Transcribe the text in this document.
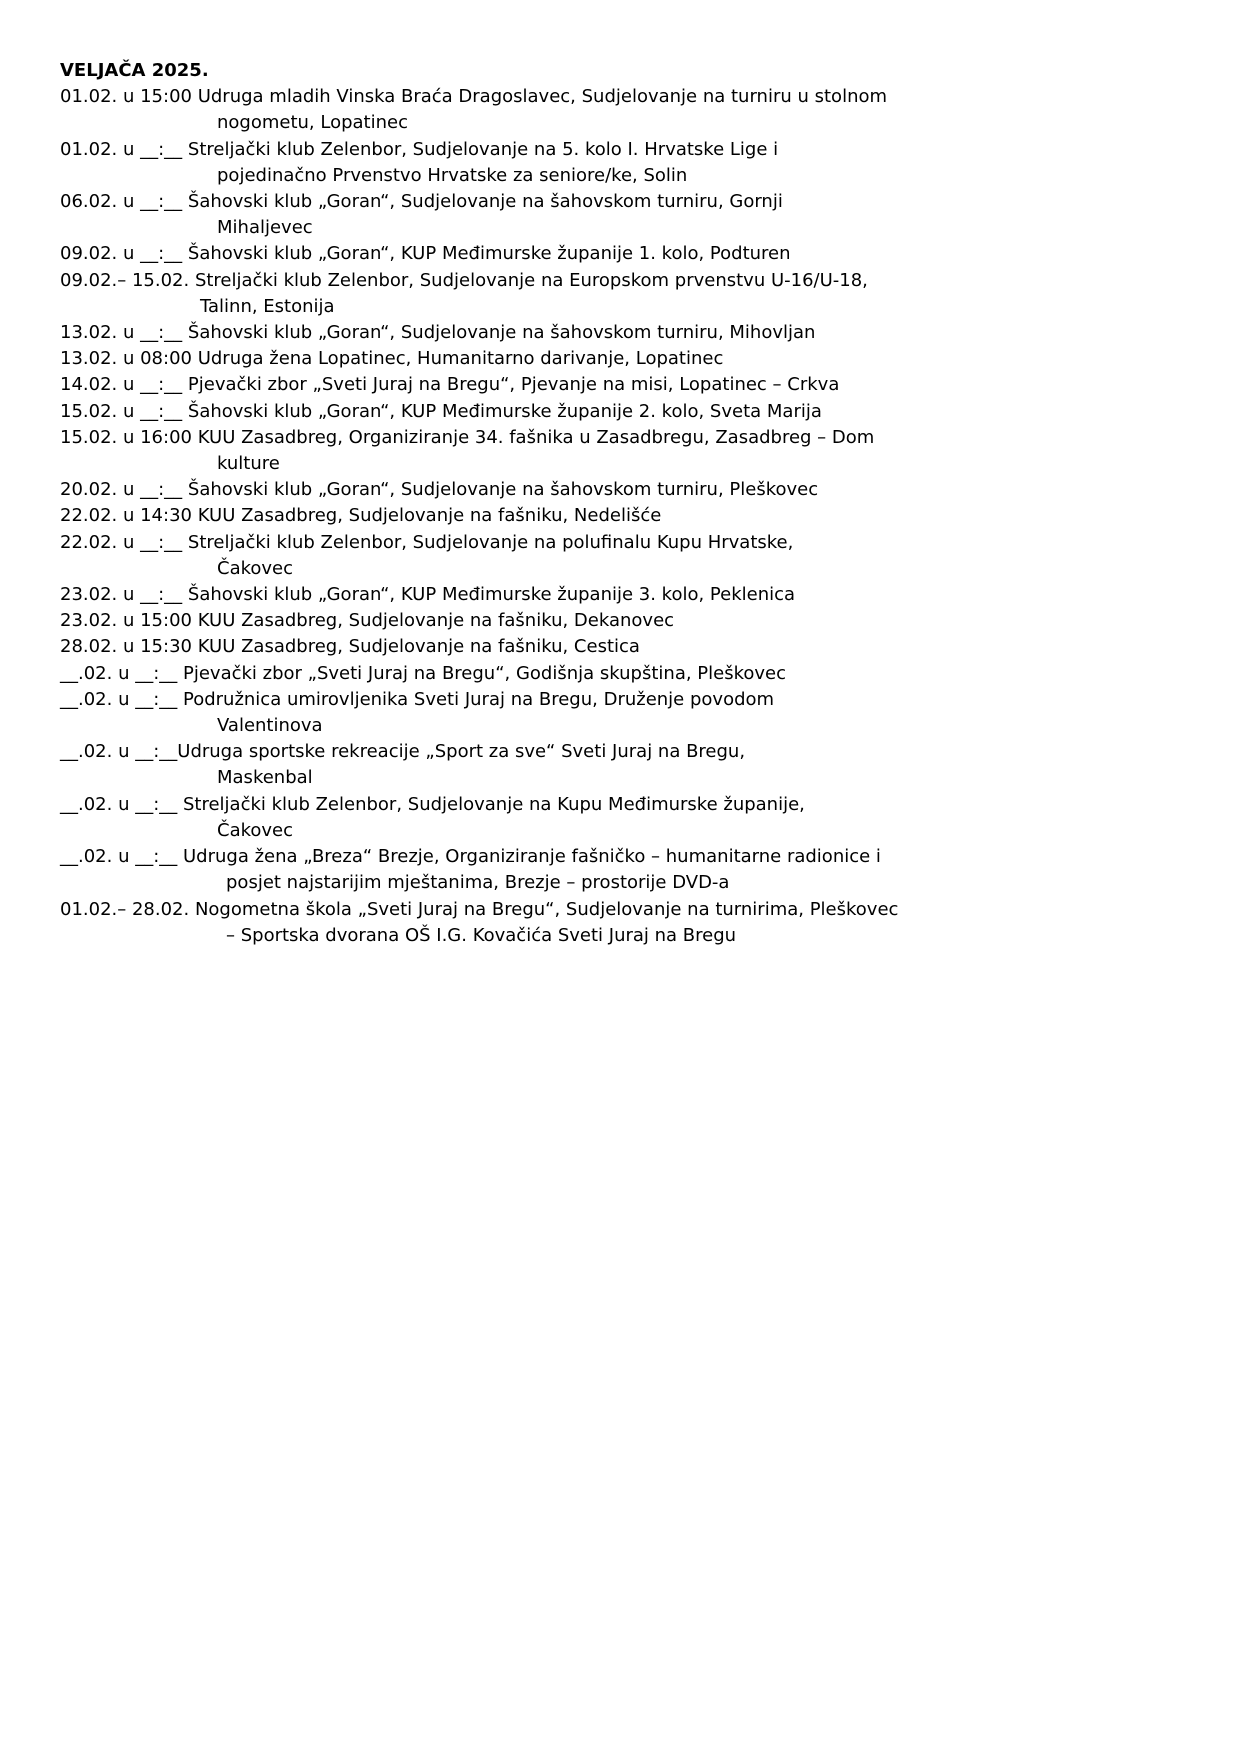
VELJAČA 2025.
01.02. u 15:00 Udruga mladih Vinska Braća Dragoslavec, Sudjelovanje na turniru u stolnom
nogometu, Lopatinec
01.02. u __:__ Streljački klub Zelenbor, Sudjelovanje na 5. kolo I. Hrvatske Lige i
pojedinačno Prvenstvo Hrvatske za seniore/ke, Solin
06.02. u __:__ Šahovski klub „Goran“, Sudjelovanje na šahovskom turniru, Gornji
Mihaljevec
09.02. u __:__ Šahovski klub „Goran“, KUP Međimurske županije 1. kolo, Podturen
09.02.– 15.02. Streljački klub Zelenbor, Sudjelovanje na Europskom prvenstvu U-16/U-18,
Talinn, Estonija
13.02. u __:__ Šahovski klub „Goran“, Sudjelovanje na šahovskom turniru, Mihovljan
13.02. u 08:00 Udruga žena Lopatinec, Humanitarno darivanje, Lopatinec
14.02. u __:__ Pjevački zbor „Sveti Juraj na Bregu“, Pjevanje na misi, Lopatinec – Crkva
15.02. u __:__ Šahovski klub „Goran“, KUP Međimurske županije 2. kolo, Sveta Marija
15.02. u 16:00 KUU Zasadbreg, Organiziranje 34. fašnika u Zasadbregu, Zasadbreg – Dom
kulture
20.02. u __:__ Šahovski klub „Goran“, Sudjelovanje na šahovskom turniru, Pleškovec
22.02. u 14:30 KUU Zasadbreg, Sudjelovanje na fašniku, Nedelišće
22.02. u __:__ Streljački klub Zelenbor, Sudjelovanje na polufinalu Kupu Hrvatske,
Čakovec
23.02. u __:__ Šahovski klub „Goran“, KUP Međimurske županije 3. kolo, Peklenica
23.02. u 15:00 KUU Zasadbreg, Sudjelovanje na fašniku, Dekanovec
28.02. u 15:30 KUU Zasadbreg, Sudjelovanje na fašniku, Cestica
__.02. u __:__ Pjevački zbor „Sveti Juraj na Bregu“, Godišnja skupština, Pleškovec
__.02. u __:__ Podružnica umirovljenika Sveti Juraj na Bregu, Druženje povodom
Valentinova
__.02. u __:__Udruga sportske rekreacije „Sport za sve“ Sveti Juraj na Bregu,
Maskenbal
__.02. u __:__ Streljački klub Zelenbor, Sudjelovanje na Kupu Međimurske županije,
Čakovec
__.02. u __:__ Udruga žena „Breza“ Brezje, Organiziranje fašničko – humanitarne radionice i
posjet najstarijim mještanima, Brezje – prostorije DVD-a
01.02.– 28.02. Nogometna škola „Sveti Juraj na Bregu“, Sudjelovanje na turnirima, Pleškovec
– Sportska dvorana OŠ I.G. Kovačića Sveti Juraj na Bregu
